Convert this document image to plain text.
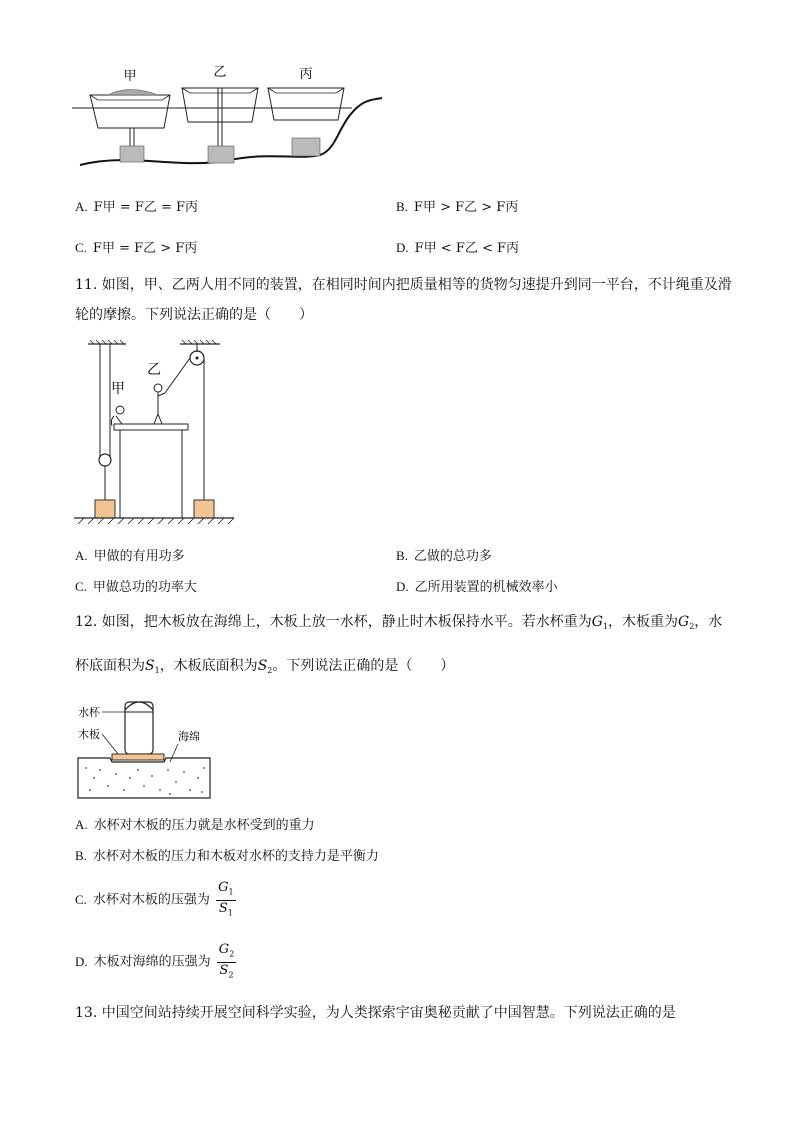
甲	乙	丙
A. F甲 = F乙 = F丙	B. F甲 > F乙 > F丙
C. F甲 = F乙 > F丙	D. F甲 < F乙 < F丙
11. 如图，甲、乙两人用不同的装置，在相同时间内把质量相等的货物匀速提升到同一平台，不计绳重及滑
轮的摩擦。下列说法正确的是（　　）
甲
乙
A. 甲做的有用功多	B. 乙做的总功多
C. 甲做总功的功率大	D. 乙所用装置的机械效率小
12. 如图，把木板放在海绵上，木板上放一水杯，静止时木板保持水平。若水杯重为$G_1$，木板重为$G_2$，水
杯底面积为$S_1$，木板底面积为$S_2$。下列说法正确的是（　　）
水杯
木板	海绵
A. 水杯对木板的压力就是水杯受到的重力
B. 水杯对木板的压力和木板对水杯的支持力是平衡力
C. 水杯对木板的压强为 $\frac{G_1}{S_1}$
D. 木板对海绵的压强为 $\frac{G_2}{S_2}$
13. 中国空间站持续开展空间科学实验，为人类探索宇宙奥秘贡献了中国智慧。下列说法正确的是
